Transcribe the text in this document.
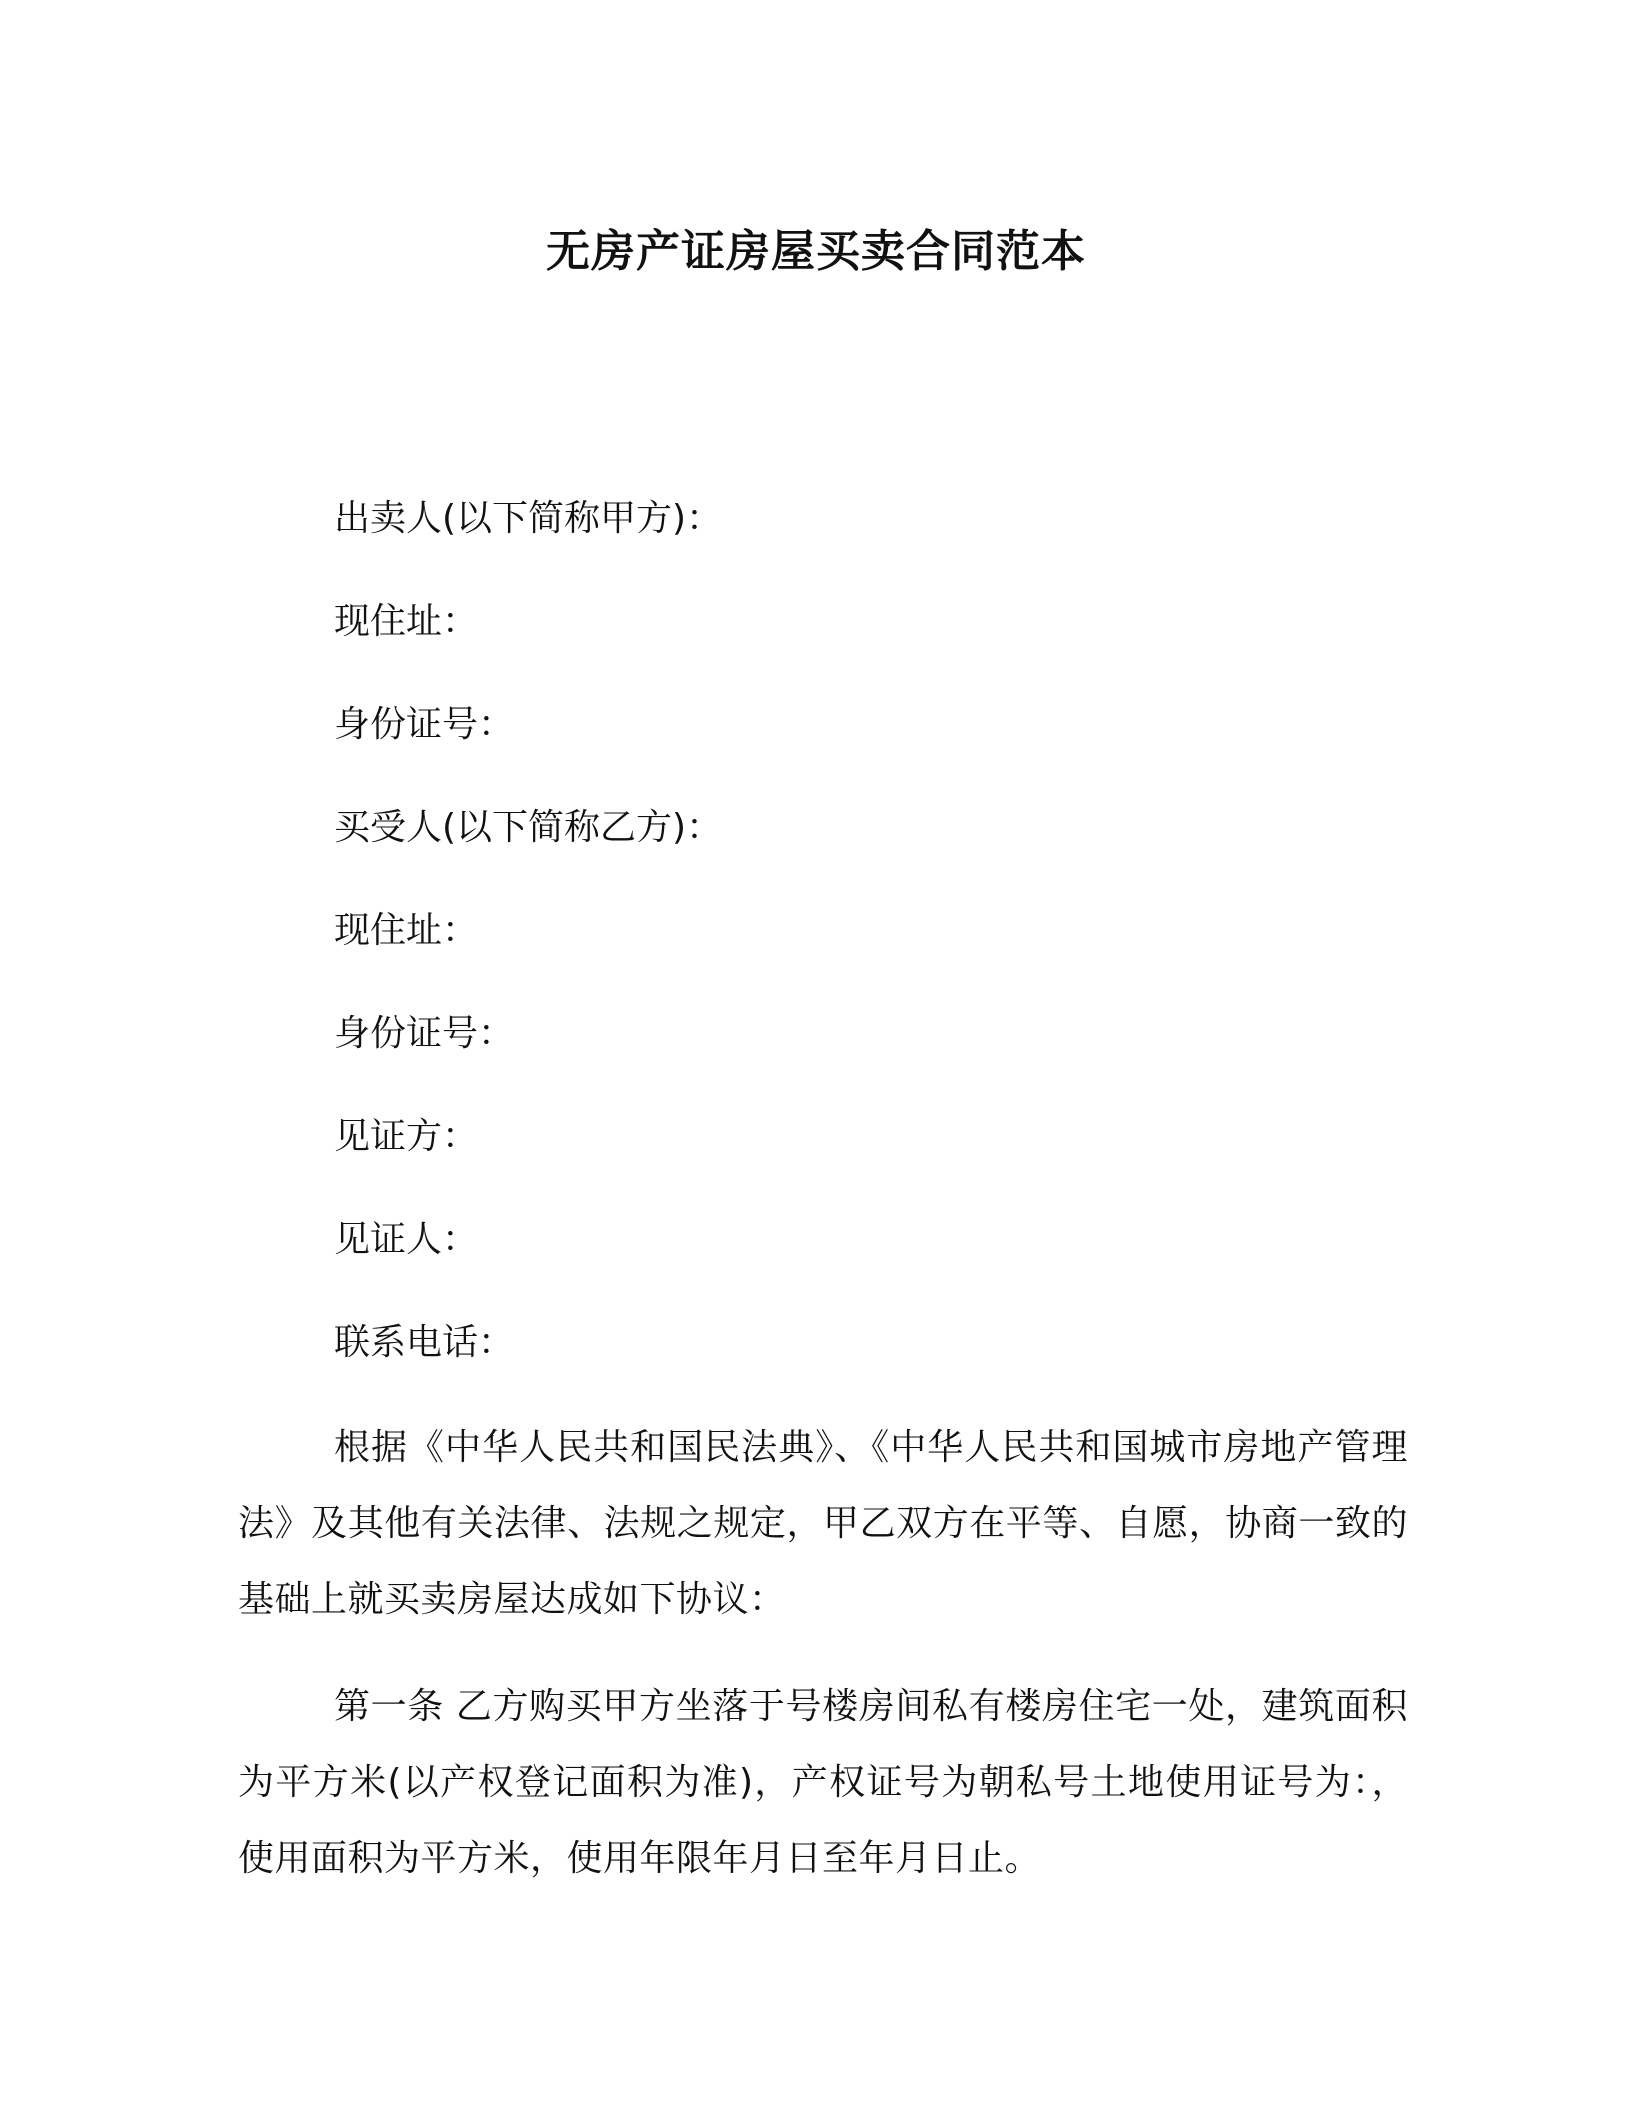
无房产证房屋买卖合同范本
出卖人(以下简称甲方)：
现住址：
身份证号：
买受人(以下简称乙方)：
现住址：
身份证号：
见证方：
见证人：
联系电话：
根据《中华人民共和国民法典》、《中华人民共和国城市房地产管理法》及其他有关法律、法规之规定，甲乙双方在平等、自愿，协商一致的基础上就买卖房屋达成如下协议：
第一条 乙方购买甲方坐落于号楼房间私有楼房住宅一处，建筑面积为平方米(以产权登记面积为准)，产权证号为朝私号土地使用证号为：，使用面积为平方米，使用年限年月日至年月日止。
